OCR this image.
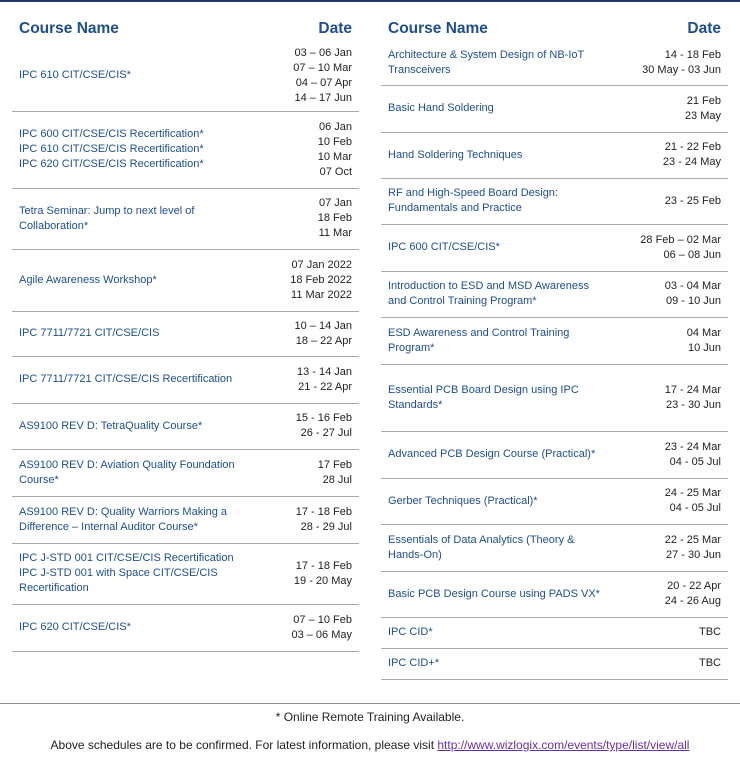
Course Name	Date

IPC 610 CIT/CSE/CIS*	03 – 06 Jan
07 – 10 Mar
04 – 07 Apr
14 – 17 Jun

IPC 600 CIT/CSE/CIS Recertification*
IPC 610 CIT/CSE/CIS Recertification*
IPC 620 CIT/CSE/CIS Recertification*	06 Jan
10 Feb
10 Mar
07 Oct

Tetra Seminar: Jump to next level of
Collaboration*	07 Jan
18 Feb
11 Mar

Agile Awareness Workshop*	07 Jan 2022
18 Feb 2022
11 Mar 2022

IPC 7711/7721 CIT/CSE/CIS	10 – 14 Jan
18 – 22 Apr

IPC 7711/7721 CIT/CSE/CIS Recertification	13 - 14 Jan
21 - 22 Apr

AS9100 REV D: TetraQuality Course*	15 - 16 Feb
26 - 27 Jul

AS9100 REV D: Aviation Quality Foundation
Course*	17 Feb
28 Jul

AS9100 REV D: Quality Warriors Making a
Difference – Internal Auditor Course*	17 - 18 Feb
28 - 29 Jul

IPC J-STD 001 CIT/CSE/CIS Recertification
IPC J-STD 001 with Space CIT/CSE/CIS
Recertification	17 - 18 Feb
19 - 20 May

IPC 620 CIT/CSE/CIS*	07 – 10 Feb
03 – 06 May
Course Name	Date

Architecture & System Design of NB-IoT
Transceivers	14 - 18 Feb
30 May - 03 Jun

Basic Hand Soldering	21 Feb
23 May

Hand Soldering Techniques	21 - 22 Feb
23 - 24 May

RF and High-Speed Board Design:
Fundamentals and Practice	23 - 25 Feb

IPC 600 CIT/CSE/CIS*	28 Feb – 02 Mar
06 – 08 Jun

Introduction to ESD and MSD Awareness
and Control Training Program*	03 - 04 Mar
09 - 10 Jun

ESD Awareness and Control Training
Program*	04 Mar
10 Jun

Essential PCB Board Design using IPC
Standards*	17 - 24 Mar
23 - 30 Jun

Advanced PCB Design Course (Practical)*	23 - 24 Mar
04 - 05 Jul

Gerber Techniques (Practical)*	24 - 25 Mar
04 - 05 Jul

Essentials of Data Analytics (Theory &
Hands-On)	22 - 25 Mar
27 - 30 Jun

Basic PCB Design Course using PADS VX*	20 - 22 Apr
24 - 26 Aug

IPC CID*	TBC

IPC CID+*	TBC
* Online Remote Training Available.
Above schedules are to be confirmed. For latest information, please visit http://www.wizlogix.com/events/type/list/view/all
